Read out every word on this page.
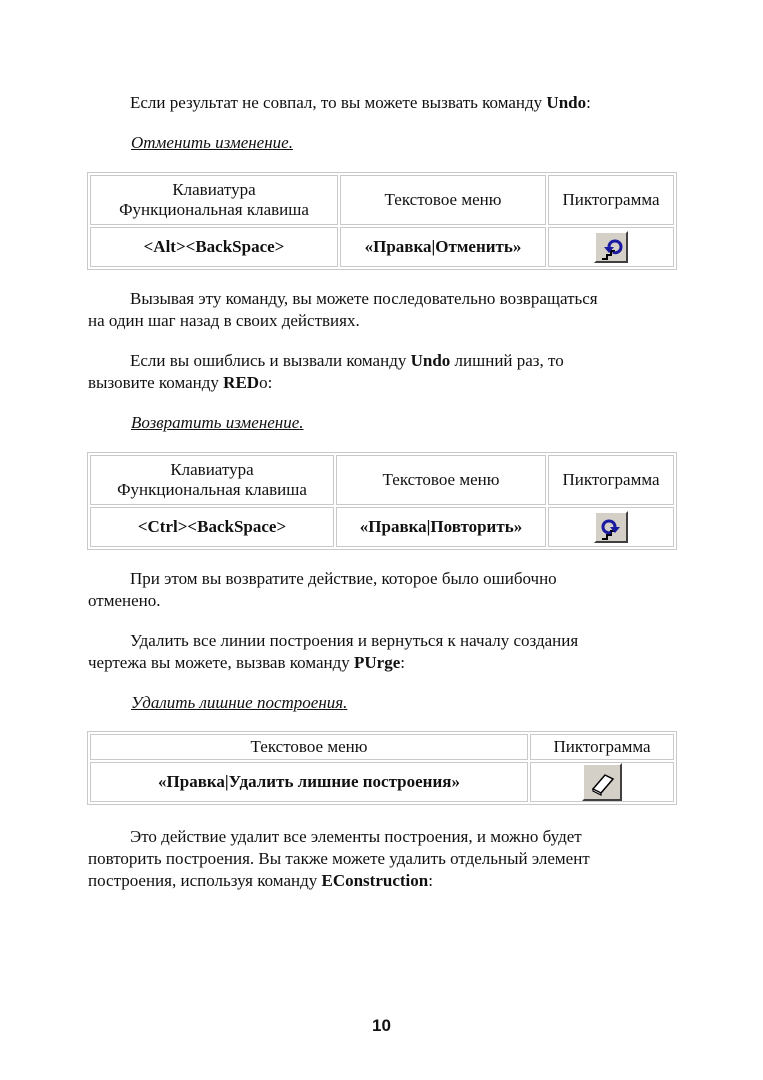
Если результат не совпал, то вы можете вызвать команду Undo:

Отменить изменение.
Клавиатура
Функциональная клавиша	Текстовое меню	Пиктограмма
<Alt><BackSpace>	«Правка|Отменить»	

Вызывая эту команду, вы можете последовательно возвращаться
на один шаг назад в своих действиях.

Если вы ошиблись и вызвали команду Undo лишний раз, то
вызовите команду REDo:

Возвратить изменение.
Клавиатура
Функциональная клавиша	Текстовое меню	Пиктограмма
<Ctrl><BackSpace>	«Правка|Повторить»	

При этом вы возвратите действие, которое было ошибочно
отменено.

Удалить все линии построения и вернуться к началу создания
чертежа вы можете, вызвав команду PUrge:

Удалить лишние построения.
Текстовое меню	Пиктограмма
«Правка|Удалить лишние построения»	

Это действие удалит все элементы построения, и можно будет
повторить построения. Вы также можете удалить отдельный элемент
построения, используя команду EConstruction:

10
